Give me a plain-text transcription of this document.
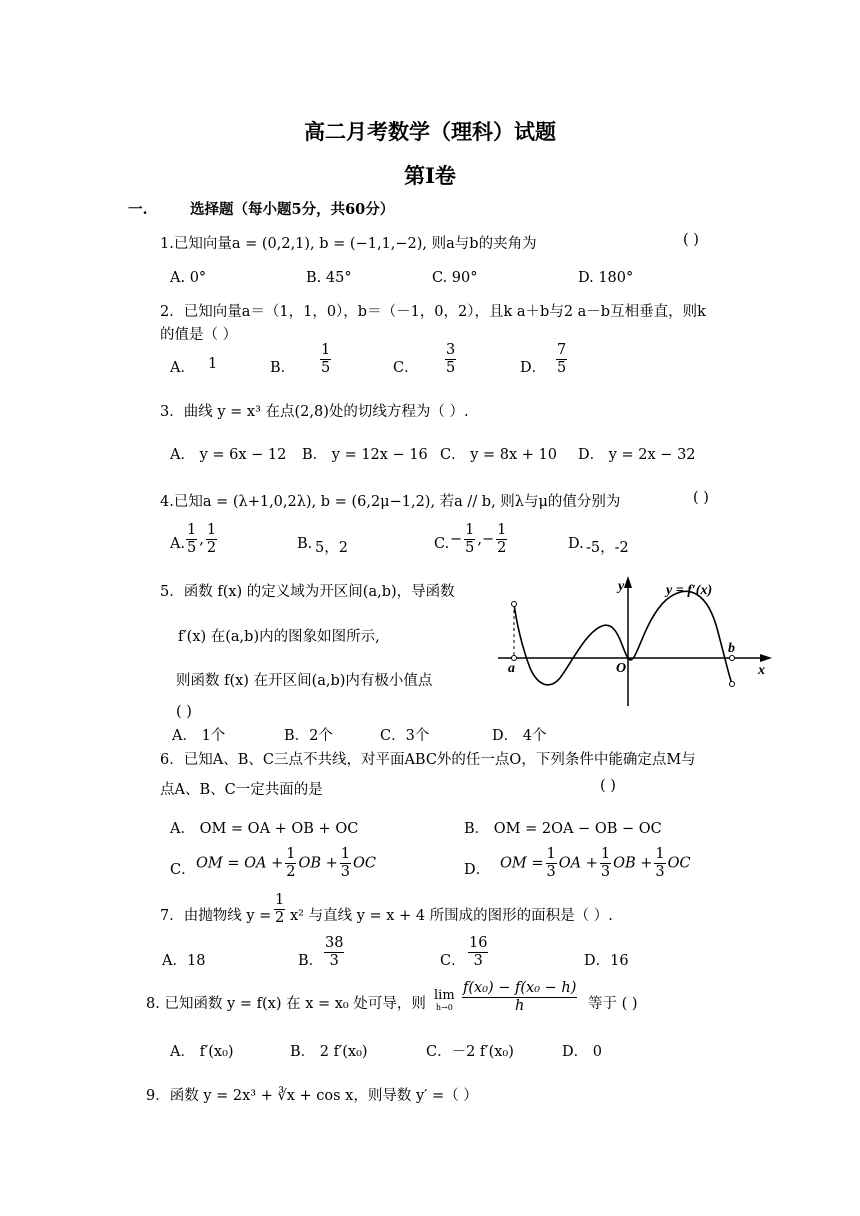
高二月考数学（理科）试题
第Ⅰ卷
一.	选择题（每小题5分，共60分）
1.已知向量a = (0,2,1), b = (−1,1,−2), 则a与b的夹角为	( )
A. 0°	B. 45°	C. 90°	D. 180°
2．已知向量a＝（1，1，0），b＝（－1，0，2），且k a＋b与2 a－b互相垂直，则k
的值是（ ）
A． 1	B． $\frac{1}{5}$	C． $\frac{3}{5}$	D． $\frac{7}{5}$
3．曲线 y = x³ 在点(2,8)处的切线方程为（ ）.
A． y = 6x − 12 B． y = 12x − 16 C． y = 8x + 10 D． y = 2x − 32
4.已知a = (λ+1,0,2λ), b = (6,2μ−1,2), 若a // b, 则λ与μ的值分别为	( )
A. $\frac{1}{5}$ , $\frac{1}{2}$	B. 5，2	C. − $\frac{1}{5}$ ,− $\frac{1}{2}$	D. -5，-2
5．函数 f(x) 的定义域为开区间(a,b)，导函数
f′(x) 在(a,b)内的图象如图所示,
则函数 f(x) 在开区间(a,b)内有极小值点
( )
A． 1个	B．2个	C．3个	D． 4个
y	y = f′(x)
a	O
b
x
6．已知A、B、C三点不共线，对平面ABC外的任一点O，下列条件中能确定点M与
点A、B、C一定共面的是	( )
A． OM = OA + OB + OC	B． OM = 2OA − OB − OC
C． OM = OA + $\frac{1}{2}$ OB + $\frac{1}{3}$ OC	D． OM = $\frac{1}{3}$ OA + $\frac{1}{3}$ OB + $\frac{1}{3}$ OC
7．由抛物线 $y = \frac{1}{2} x^2$ 与直线 y = x + 4 所围成的图形的面积是（ ）.
A．18	B． $\frac{38}{3}$	C． $\frac{16}{3}$	D．16
8. 已知函数 y = f(x) 在 x = x₀ 处可导，则
lim
$h\to 0 \frac{\text{f(x₀) − f(x₀ − h)}}{h}$ 等于 ( )
A． f′(x₀)	B． 2 f′(x₀)	C．－2 f′(x₀)	D． 0
9．函数 y = 2x³ + ∛x + cos x，则导数 y′ =（ ）
